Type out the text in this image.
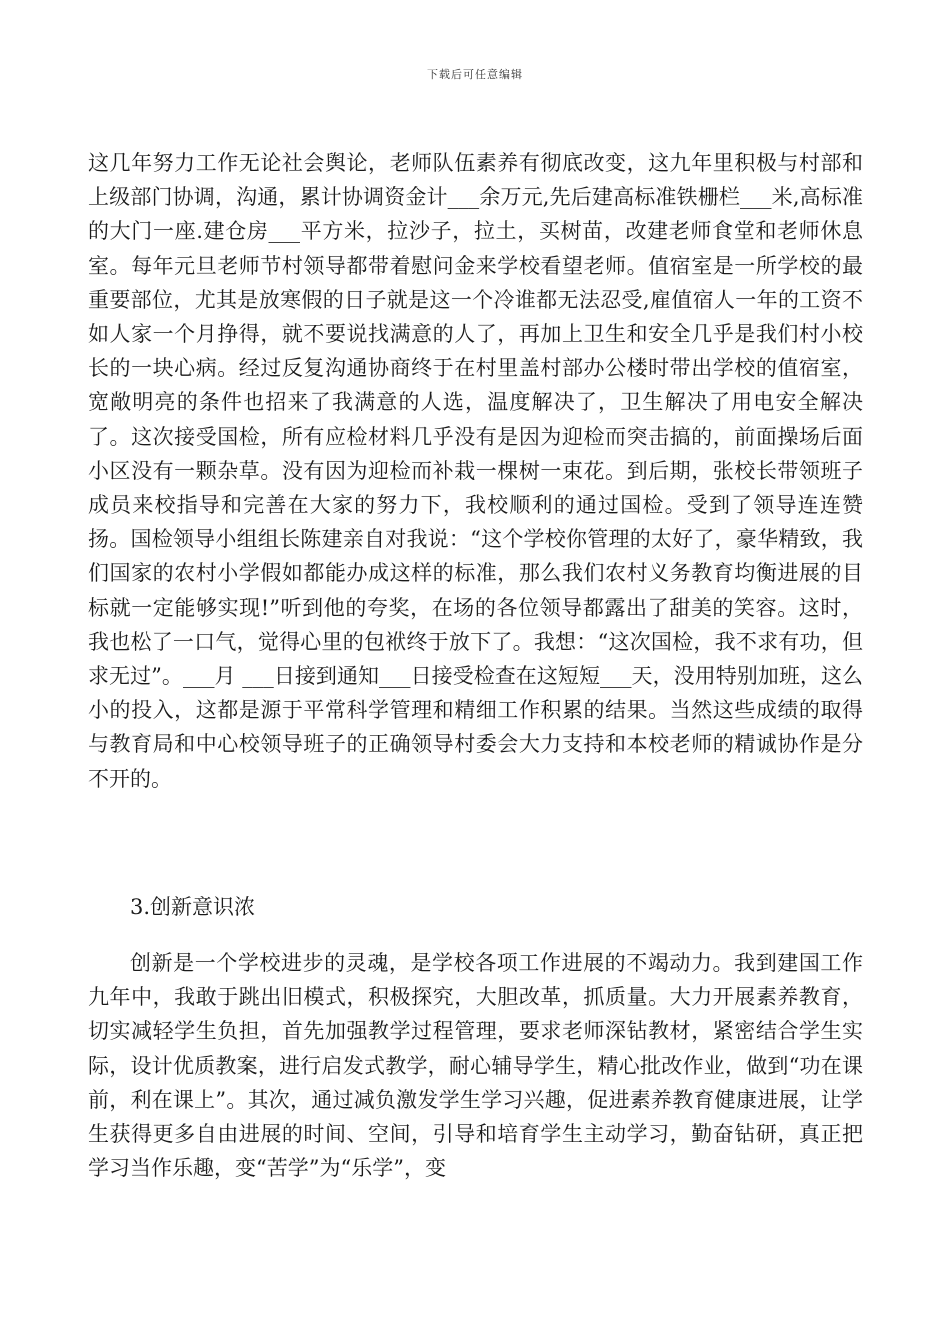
下载后可任意编辑

这几年努力工作无论社会舆论，老师队伍素养有彻底改变，这九年里积极与村部和上级部门协调，沟通，累计协调资金计___余万元,先后建高标准铁栅栏___米,高标准的大门一座.建仓房___平方米，拉沙子，拉土，买树苗，改建老师食堂和老师休息室。每年元旦老师节村领导都带着慰问金来学校看望老师。值宿室是一所学校的最重要部位，尤其是放寒假的日子就是这一个冷谁都无法忍受,雇值宿人一年的工资不如人家一个月挣得，就不要说找满意的人了，再加上卫生和安全几乎是我们村小校长的一块心病。经过反复沟通协商终于在村里盖村部办公楼时带出学校的值宿室，宽敞明亮的条件也招来了我满意的人选，温度解决了，卫生解决了用电安全解决了。这次接受国检，所有应检材料几乎没有是因为迎检而突击搞的，前面操场后面小区没有一颗杂草。没有因为迎检而补栽一棵树一束花。到后期，张校长带领班子成员来校指导和完善在大家的努力下，我校顺利的通过国检。受到了领导连连赞扬。国检领导小组组长陈建亲自对我说：“这个学校你管理的太好了，豪华精致，我们国家的农村小学假如都能办成这样的标准，那么我们农村义务教育均衡进展的目标就一定能够实现!”听到他的夸奖，在场的各位领导都露出了甜美的笑容。这时，我也松了一口气，觉得心里的包袱终于放下了。我想：“这次国检，我不求有功，但求无过”。___月 ___日接到通知___日接受检查在这短短___天，没用特别加班，这么小的投入，这都是源于平常科学管理和精细工作积累的结果。当然这些成绩的取得与教育局和中心校领导班子的正确领导村委会大力支持和本校老师的精诚协作是分不开的。

3.创新意识浓

创新是一个学校进步的灵魂，是学校各项工作进展的不竭动力。我到建国工作九年中，我敢于跳出旧模式，积极探究，大胆改革，抓质量。大力开展素养教育，切实减轻学生负担，首先加强教学过程管理，要求老师深钻教材，紧密结合学生实际，设计优质教案，进行启发式教学，耐心辅导学生，精心批改作业，做到“功在课前，利在课上”。其次，通过减负激发学生学习兴趣，促进素养教育健康进展，让学生获得更多自由进展的时间、空间，引导和培育学生主动学习，勤奋钻研，真正把学习当作乐趣，变“苦学”为“乐学”，变
